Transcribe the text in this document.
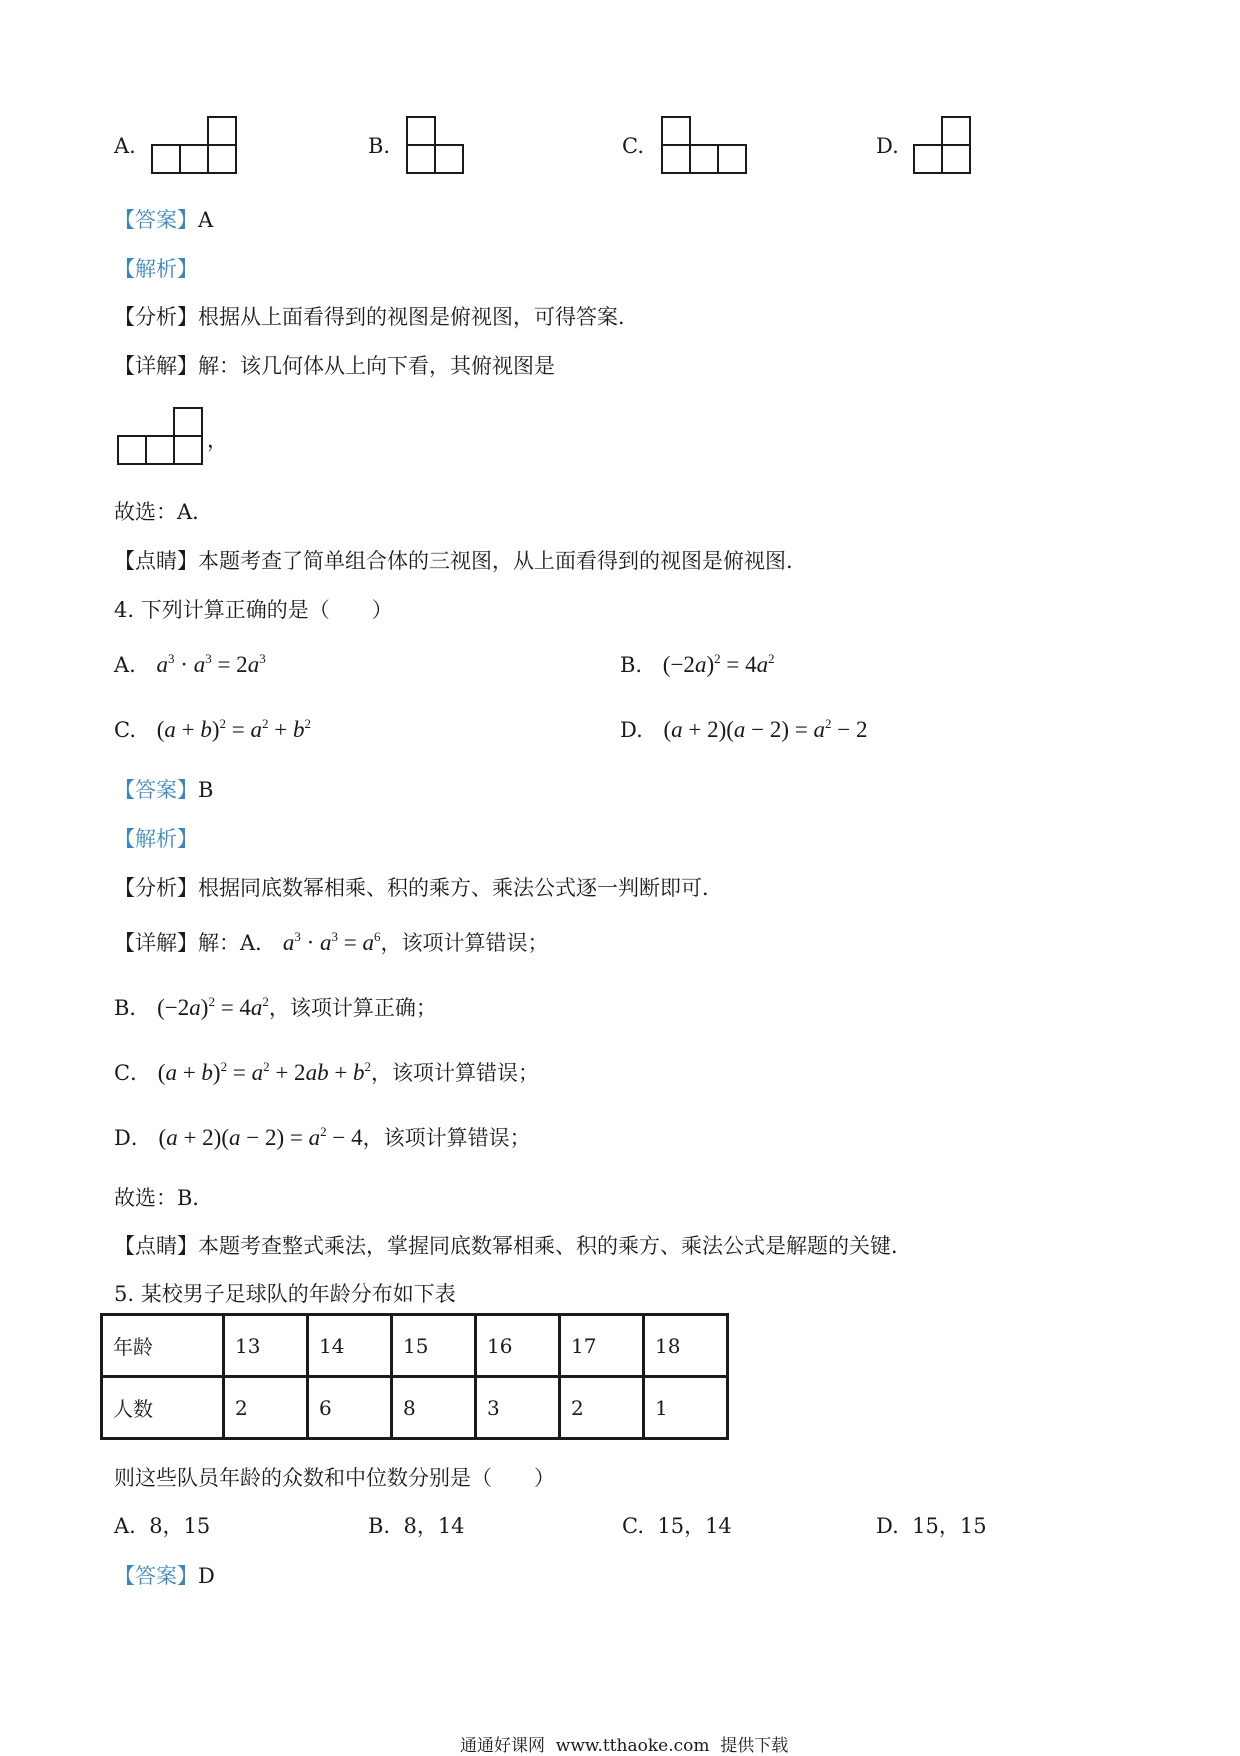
A.	B.	C.	D.
【答案】A
【解析】
【分析】根据从上面看得到的视图是俯视图，可得答案．
【详解】解：该几何体从上向下看，其俯视图是
，
故选：A．
【点睛】本题考查了简单组合体的三视图，从上面看得到的视图是俯视图．
4. 下列计算正确的是（　　）
A. $a^3 \cdot a^3 = 2a^3$	B. $(-2a)^2 = 4a^2$
C. $(a + b)^2 = a^2 + b^2$	D. $(a + 2)(a - 2) = a^2 - 2$
【答案】B
【解析】
【分析】根据同底数幂相乘、积的乘方、乘法公式逐一判断即可．
【详解】解：A． $a^3 \cdot a^3 = a^6$，该项计算错误；
B． $(-2a)^2 = 4a^2$，该项计算正确；
C． $(a + b)^2 = a^2 + 2ab + b^2$，该项计算错误；
D． $(a + 2)(a - 2) = a^2 - 4$，该项计算错误；
故选：B．
【点睛】本题考查整式乘法，掌握同底数幂相乘、积的乘方、乘法公式是解题的关键．
5. 某校男子足球队的年龄分布如下表
年龄	13	14	15	16	17	18
人数	2	6	8	3	2	1
则这些队员年龄的众数和中位数分别是（　　）
A.  8，15	B.  8，14	C.  15，14	D.  15，15
【答案】D
通通好课网  www.tthaoke.com  提供下载
